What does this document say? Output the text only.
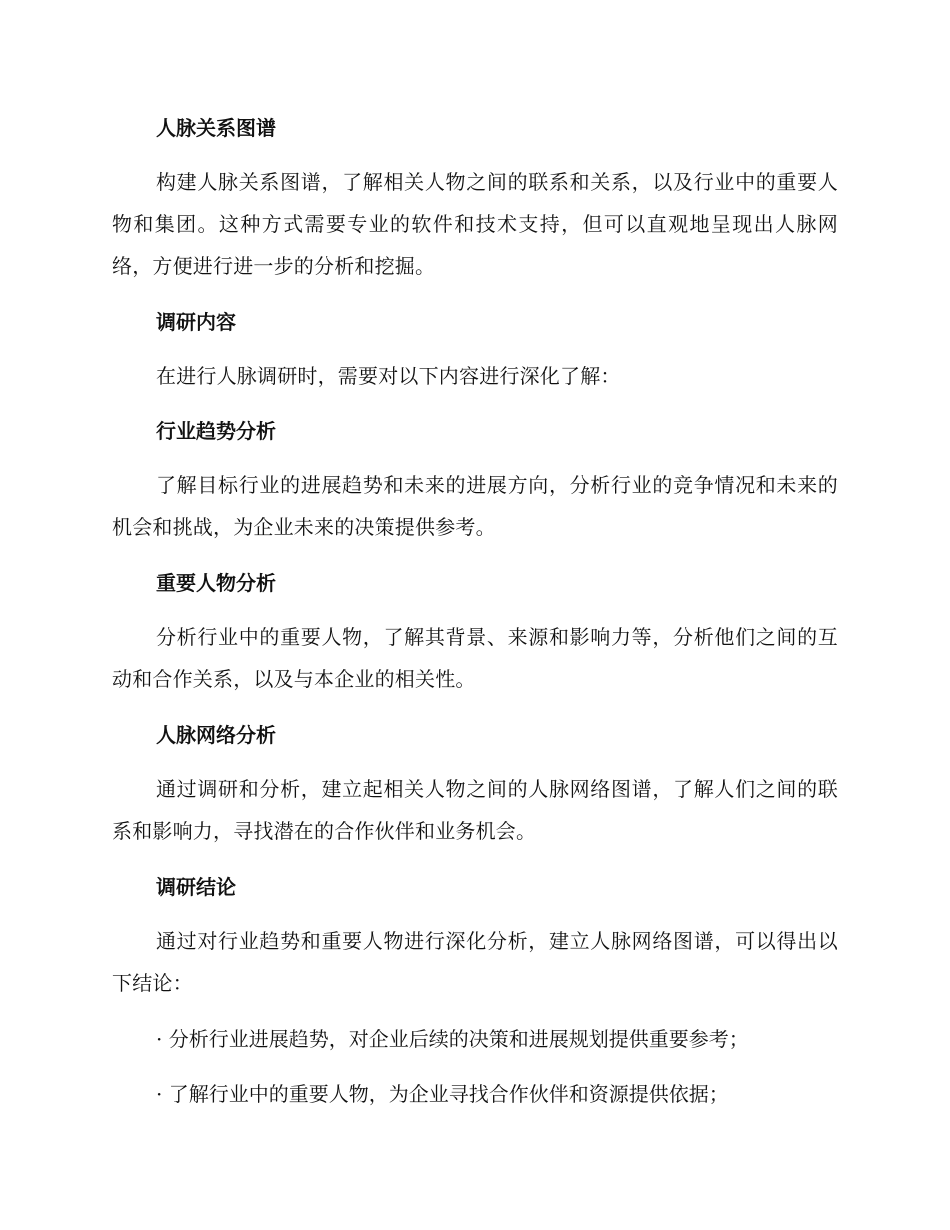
人脉关系图谱
构建人脉关系图谱，了解相关人物之间的联系和关系，以及行业中的重要人物和集团。这种方式需要专业的软件和技术支持，但可以直观地呈现出人脉网络，方便进行进一步的分析和挖掘。
调研内容
在进行人脉调研时，需要对以下内容进行深化了解：
行业趋势分析
了解目标行业的进展趋势和未来的进展方向，分析行业的竞争情况和未来的机会和挑战，为企业未来的决策提供参考。
重要人物分析
分析行业中的重要人物，了解其背景、来源和影响力等，分析他们之间的互动和合作关系，以及与本企业的相关性。
人脉网络分析
通过调研和分析，建立起相关人物之间的人脉网络图谱，了解人们之间的联系和影响力，寻找潜在的合作伙伴和业务机会。
调研结论
通过对行业趋势和重要人物进行深化分析，建立人脉网络图谱，可以得出以下结论：
· 分析行业进展趋势，对企业后续的决策和进展规划提供重要参考；
· 了解行业中的重要人物，为企业寻找合作伙伴和资源提供依据；
